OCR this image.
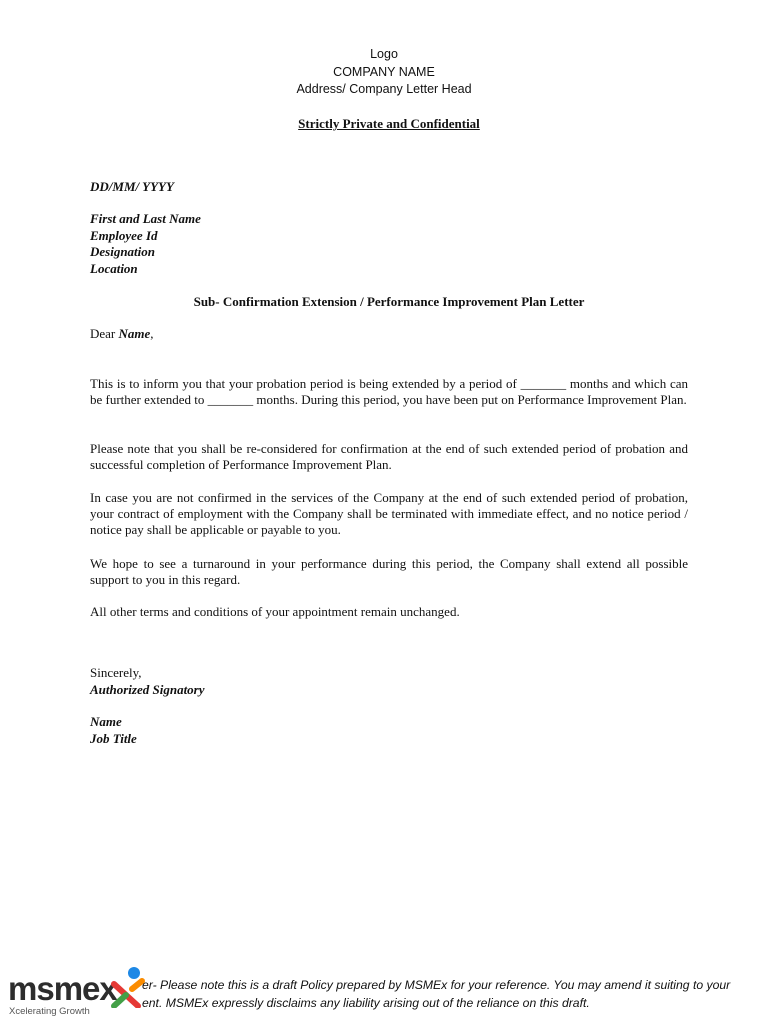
Logo
COMPANY NAME
Address/ Company Letter Head
Strictly Private and Confidential
DD/MM/ YYYY
First and Last Name
Employee Id
Designation
Location
Sub- Confirmation Extension / Performance Improvement Plan Letter
Dear Name,

This is to inform you that your probation period is being extended by a period of _______ months and which can be further extended to _______ months. During this period, you have been put on Performance Improvement Plan.

Please note that you shall be re-considered for confirmation at the end of such extended period of probation and successful completion of Performance Improvement Plan.

In case you are not confirmed in the services of the Company at the end of such extended period of probation, your contract of employment with the Company shall be terminated with immediate effect, and no notice period / notice pay shall be applicable or payable to you.

We hope to see a turnaround in your performance during this period, the Company shall extend all possible support to you in this regard.

All other terms and conditions of your appointment remain unchanged.

Sincerely,
Authorized Signatory
Name
Job Title
msmex
Xcelerating Growth
er- Please note this is a draft Policy prepared by MSMEx for your reference. You may amend it suiting to your
ent. MSMEx expressly disclaims any liability arising out of the reliance on this draft.
